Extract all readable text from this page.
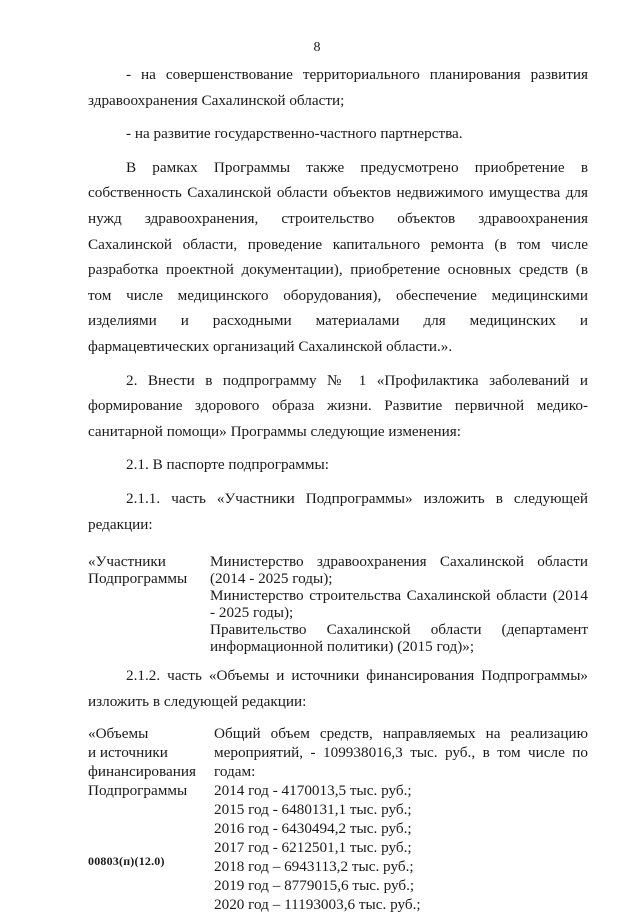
8

- на совершенствование территориального планирования развития здравоохранения Сахалинской области;

- на развитие государственно-частного партнерства.

В рамках Программы также предусмотрено приобретение в собственность Сахалинской области объектов недвижимого имущества для нужд здравоохранения, строительство объектов здравоохранения Сахалинской области, проведение капитального ремонта (в том числе разработка проектной документации), приобретение основных средств (в том числе медицинского оборудования), обеспечение медицинскими изделиями и расходными материалами для медицинских и фармацевтических организаций Сахалинской области.».

2. Внести в подпрограмму № 1 «Профилактика заболеваний и формирование здорового образа жизни. Развитие первичной медико-санитарной помощи» Программы следующие изменения:

2.1. В паспорте подпрограммы:

2.1.1. часть «Участники Подпрограммы» изложить в следующей редакции:

«Участники Подпрограммы
Министерство здравоохранения Сахалинской области (2014 - 2025 годы);
Министерство строительства Сахалинской области (2014 - 2025 годы);
Правительство Сахалинской области (департамент информационной политики) (2015 год)»;

2.1.2. часть «Объемы и источники финансирования Подпрограммы» изложить в следующей редакции:

«Объемы
и источники
финансирования
Подпрограммы
Общий объем средств, направляемых на реализацию мероприятий, - 109938016,3 тыс. руб., в том числе по годам:
2014 год - 4170013,5 тыс. руб.;
2015 год - 6480131,1 тыс. руб.;
2016 год - 6430494,2 тыс. руб.;
2017 год - 6212501,1 тыс. руб.;
2018 год – 6943113,2 тыс. руб.;
2019 год – 8779015,6 тыс. руб.;
2020 год – 11193003,6 тыс. руб.;
00803(п)(12.0)
